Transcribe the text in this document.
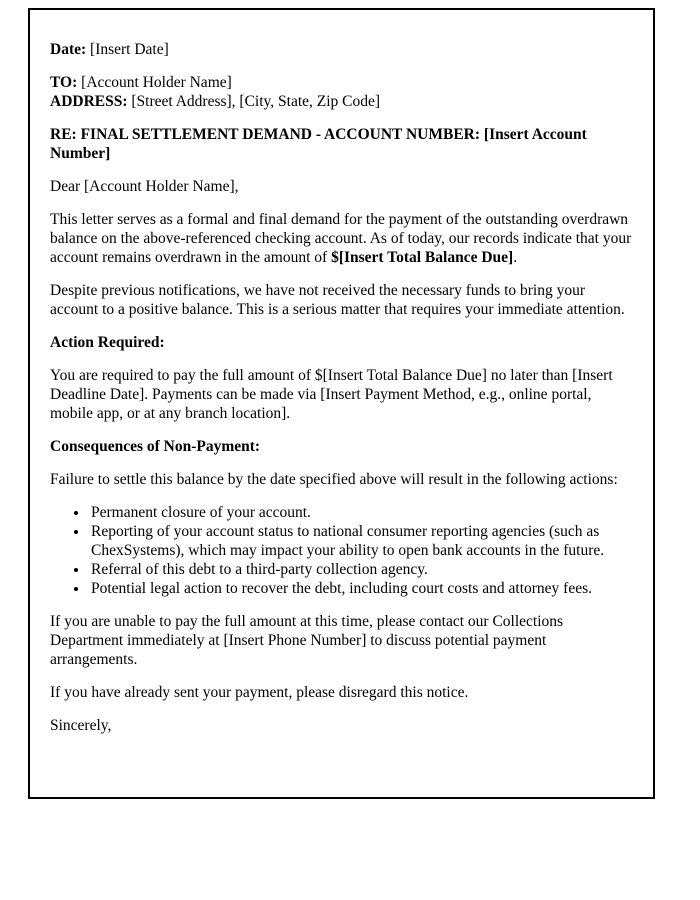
Date: [Insert Date]

TO: [Account Holder Name]

ADDRESS: [Street Address], [City, State, Zip Code]

RE: FINAL SETTLEMENT DEMAND - ACCOUNT NUMBER: [Insert Account Number]

Dear [Account Holder Name],

This letter serves as a formal and final demand for the payment of the outstanding overdrawn balance on the above-referenced checking account. As of today, our records indicate that your account remains overdrawn in the amount of $[Insert Total Balance Due].

Despite previous notifications, we have not received the necessary funds to bring your account to a positive balance. This is a serious matter that requires your immediate attention.

Action Required:

You are required to pay the full amount of $[Insert Total Balance Due] no later than [Insert Deadline Date]. Payments can be made via [Insert Payment Method, e.g., online portal, mobile app, or at any branch location].

Consequences of Non-Payment:

Failure to settle this balance by the date specified above will result in the following actions:

• Permanent closure of your account.
• Reporting of your account status to national consumer reporting agencies (such as ChexSystems), which may impact your ability to open bank accounts in the future.
• Referral of this debt to a third-party collection agency.
• Potential legal action to recover the debt, including court costs and attorney fees.

If you are unable to pay the full amount at this time, please contact our Collections Department immediately at [Insert Phone Number] to discuss potential payment arrangements.

If you have already sent your payment, please disregard this notice.

Sincerely,
